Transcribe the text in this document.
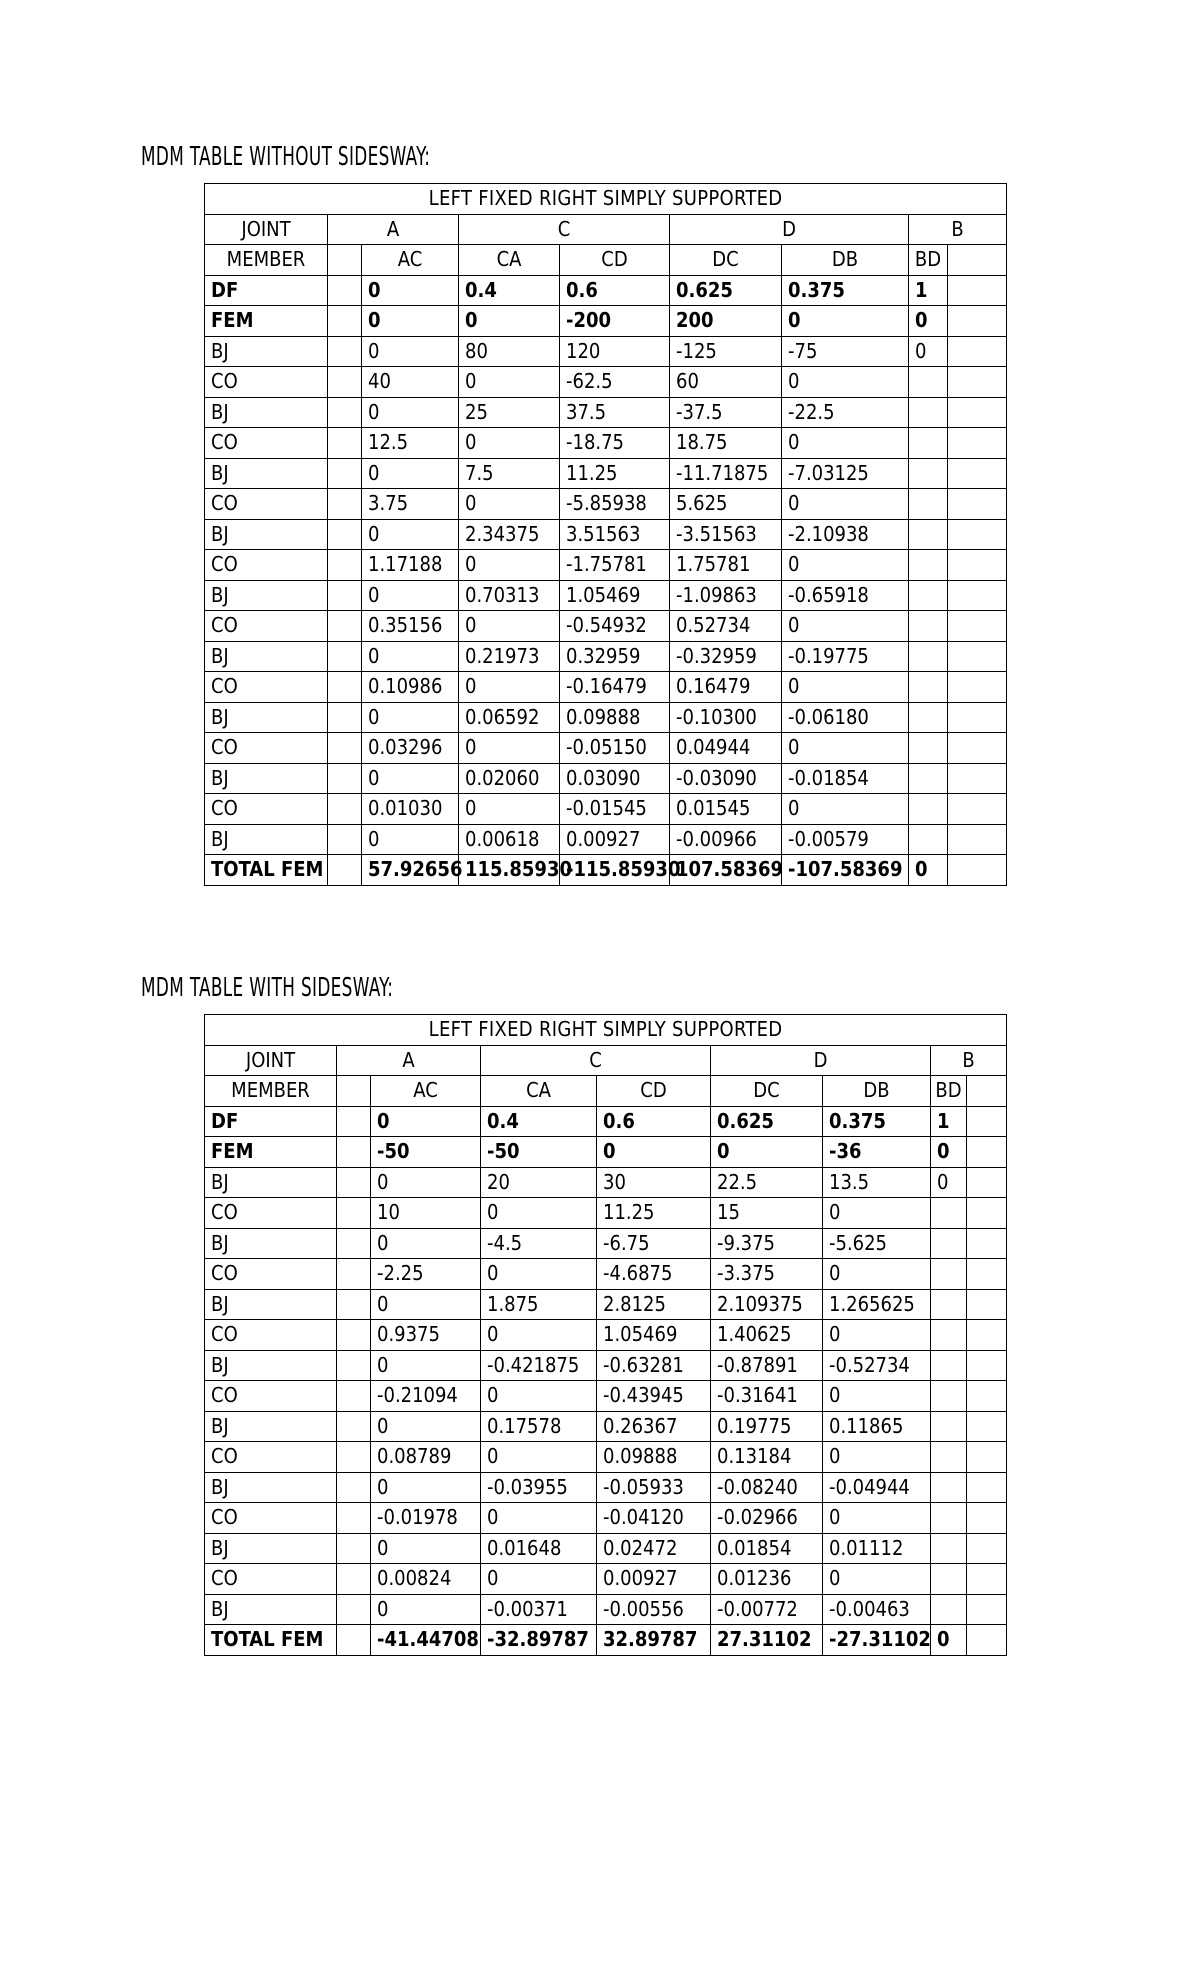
MDM TABLE WITHOUT SIDESWAY:
LEFT FIXED RIGHT SIMPLY SUPPORTED								
JOINT	A		C		D		B	
MEMBER		AC	CA	CD	DC	DB	BD	
DF		0	0.4	0.6	0.625	0.375	1	
FEM		0	0	-200	200	0	0	
BJ		0	80	120	-125	-75	0	
CO		40	0	-62.5	60	0		
BJ		0	25	37.5	-37.5	-22.5		
CO		12.5	0	-18.75	18.75	0		
BJ		0	7.5	11.25	-11.71875	-7.03125		
CO		3.75	0	-5.85938	5.625	0		
BJ		0	2.34375	3.51563	-3.51563	-2.10938		
CO		1.17188	0	-1.75781	1.75781	0		
BJ		0	0.70313	1.05469	-1.09863	-0.65918		
CO		0.35156	0	-0.54932	0.52734	0		
BJ		0	0.21973	0.32959	-0.32959	-0.19775		
CO		0.10986	0	-0.16479	0.16479	0		
BJ		0	0.06592	0.09888	-0.10300	-0.06180		
CO		0.03296	0	-0.05150	0.04944	0		
BJ		0	0.02060	0.03090	-0.03090	-0.01854		
CO		0.01030	0	-0.01545	0.01545	0		
BJ		0	0.00618	0.00927	-0.00966	-0.00579		
TOTAL FEM		57.92656	115.85930	-115.85930	107.58369	-107.58369	0	
MDM TABLE WITH SIDESWAY:
LEFT FIXED RIGHT SIMPLY SUPPORTED								
JOINT	A		C		D		B	
MEMBER		AC	CA	CD	DC	DB	BD	
DF		0	0.4	0.6	0.625	0.375	1	
FEM		-50	-50	0	0	-36	0	
BJ		0	20	30	22.5	13.5	0	
CO		10	0	11.25	15	0		
BJ		0	-4.5	-6.75	-9.375	-5.625		
CO		-2.25	0	-4.6875	-3.375	0		
BJ		0	1.875	2.8125	2.109375	1.265625		
CO		0.9375	0	1.05469	1.40625	0		
BJ		0	-0.421875	-0.63281	-0.87891	-0.52734		
CO		-0.21094	0	-0.43945	-0.31641	0		
BJ		0	0.17578	0.26367	0.19775	0.11865		
CO		0.08789	0	0.09888	0.13184	0		
BJ		0	-0.03955	-0.05933	-0.08240	-0.04944		
CO		-0.01978	0	-0.04120	-0.02966	0		
BJ		0	0.01648	0.02472	0.01854	0.01112		
CO		0.00824	0	0.00927	0.01236	0		
BJ		0	-0.00371	-0.00556	-0.00772	-0.00463		
TOTAL FEM		-41.44708	-32.89787	32.89787	27.31102	-27.31102	0	
